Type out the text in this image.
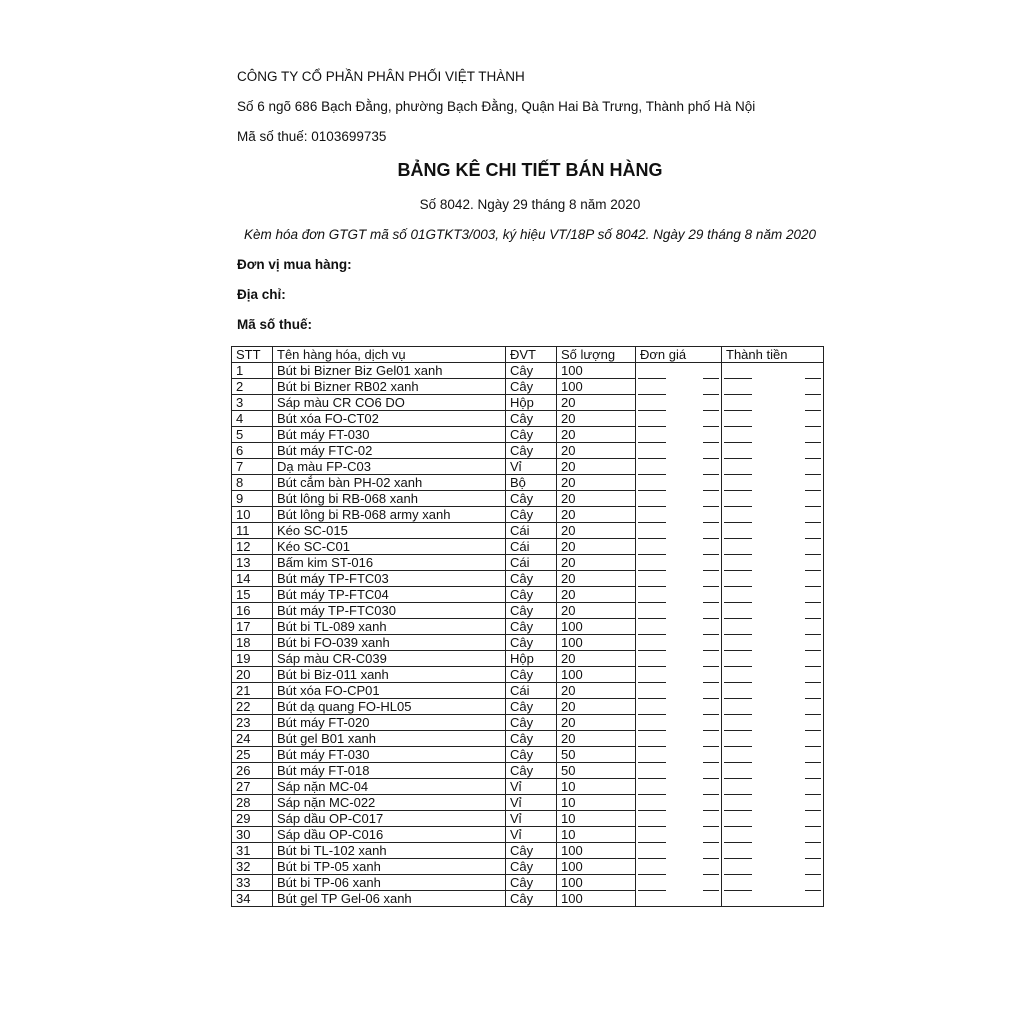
CÔNG TY CỔ PHẦN PHÂN PHỐI VIỆT THÀNH
Số 6 ngõ 686 Bạch Đằng, phường Bạch Đằng, Quận Hai Bà Trưng, Thành phố Hà Nội
Mã số thuế: 0103699735
BẢNG KÊ CHI TIẾT BÁN HÀNG
Số 8042. Ngày 29 tháng 8 năm 2020
Kèm hóa đơn GTGT mã số 01GTKT3/003, ký hiệu VT/18P số 8042. Ngày 29 tháng 8 năm 2020
Đơn vị mua hàng:
Địa chỉ:
Mã số thuế:
STT	Tên hàng hóa, dịch vụ	ĐVT	Số lượng	Đơn giá	Thành tiền
1	Bút bi Bizner Biz Gel01 xanh	Cây	100		
2	Bút bi Bizner RB02 xanh	Cây	100		
3	Sáp màu CR CO6 DO	Hộp	20		
4	Bút xóa FO-CT02	Cây	20		
5	Bút máy FT-030	Cây	20		
6	Bút máy FTC-02	Cây	20		
7	Dạ màu FP-C03	Vỉ	20		
8	Bút cắm bàn PH-02 xanh	Bộ	20		
9	Bút lông bi RB-068 xanh	Cây	20		
10	Bút lông bi RB-068 army xanh	Cây	20		
11	Kéo SC-015	Cái	20		
12	Kéo SC-C01	Cái	20		
13	Bấm kim ST-016	Cái	20		
14	Bút máy TP-FTC03	Cây	20		
15	Bút máy TP-FTC04	Cây	20		
16	Bút máy TP-FTC030	Cây	20		
17	Bút bi TL-089 xanh	Cây	100		
18	Bút bi FO-039 xanh	Cây	100		
19	Sáp màu CR-C039	Hộp	20		
20	Bút bi Biz-011 xanh	Cây	100		
21	Bút xóa FO-CP01	Cái	20		
22	Bút dạ quang FO-HL05	Cây	20		
23	Bút máy FT-020	Cây	20		
24	Bút gel B01 xanh	Cây	20		
25	Bút máy FT-030	Cây	50		
26	Bút máy FT-018	Cây	50		
27	Sáp nặn MC-04	Vỉ	10		
28	Sáp nặn MC-022	Vỉ	10		
29	Sáp dầu OP-C017	Vỉ	10		
30	Sáp dầu OP-C016	Vỉ	10		
31	Bút bi TL-102 xanh	Cây	100		
32	Bút bi TP-05 xanh	Cây	100		
33	Bút bi TP-06 xanh	Cây	100		
34	Bút gel TP Gel-06 xanh	Cây	100		
